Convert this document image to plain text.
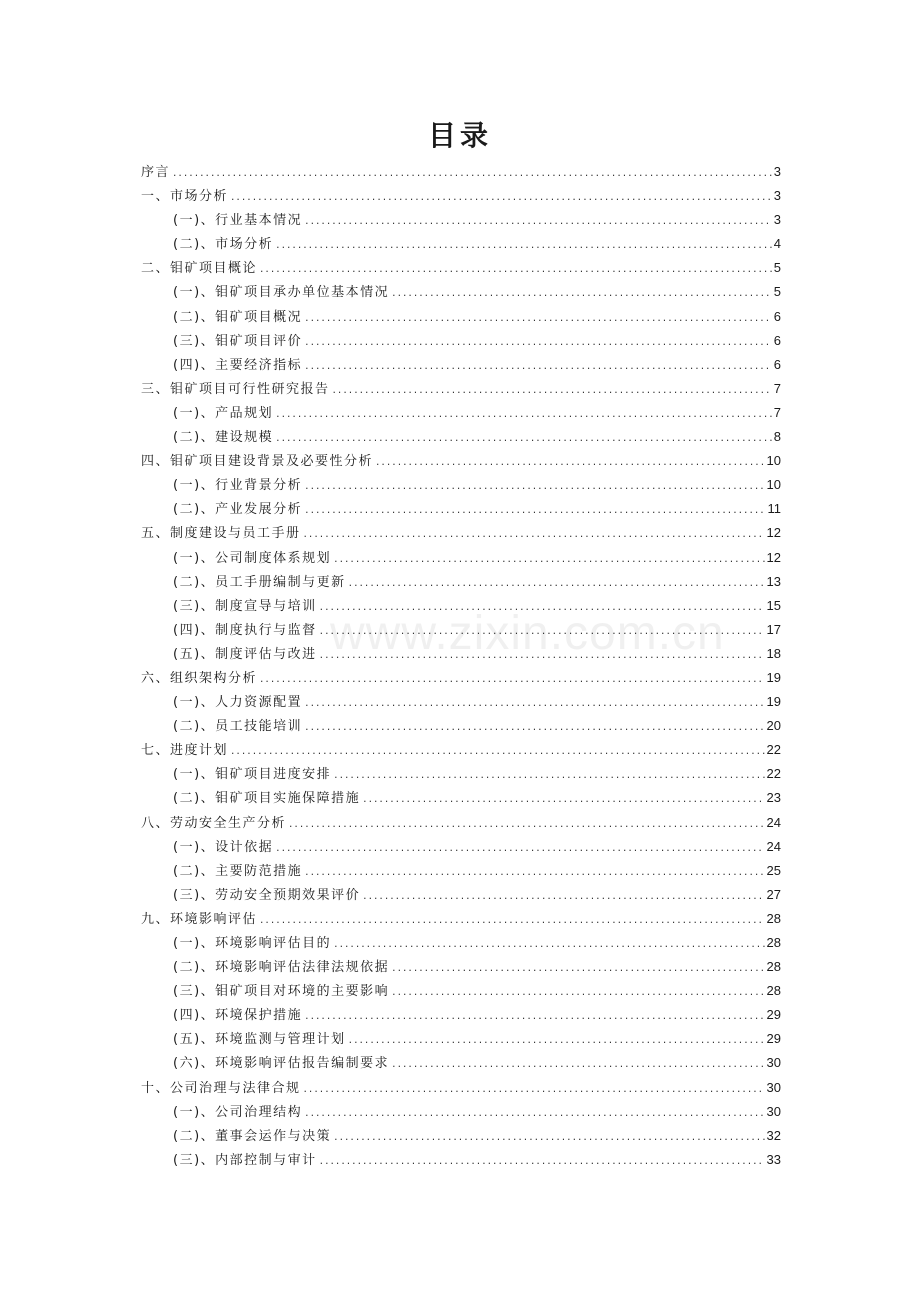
目录
序言 .....	3
一、市场分析 .....	3
(一)、行业基本情况 .....	3
(二)、市场分析 .....	4
二、钼矿项目概论 .....	5
(一)、钼矿项目承办单位基本情况 .....	5
(二)、钼矿项目概况 .....	6
(三)、钼矿项目评价 .....	6
(四)、主要经济指标 .....	6
三、钼矿项目可行性研究报告 .....	7
(一)、产品规划 .....	7
(二)、建设规模 .....	8
四、钼矿项目建设背景及必要性分析 .....	10
(一)、行业背景分析 .....	10
(二)、产业发展分析 .....	11
五、制度建设与员工手册 .....	12
(一)、公司制度体系规划 .....	12
(二)、员工手册编制与更新 .....	13
(三)、制度宣导与培训 .....	15
(四)、制度执行与监督 .....	17
(五)、制度评估与改进 .....	18
六、组织架构分析 .....	19
(一)、人力资源配置 .....	19
(二)、员工技能培训 .....	20
七、进度计划 .....	22
(一)、钼矿项目进度安排 .....	22
(二)、钼矿项目实施保障措施 .....	23
八、劳动安全生产分析 .....	24
(一)、设计依据 .....	24
(二)、主要防范措施 .....	25
(三)、劳动安全预期效果评价 .....	27
九、环境影响评估 .....	28
(一)、环境影响评估目的 .....	28
(二)、环境影响评估法律法规依据 .....	28
(三)、钼矿项目对环境的主要影响 .....	28
(四)、环境保护措施 .....	29
(五)、环境监测与管理计划 .....	29
(六)、环境影响评估报告编制要求 .....	30
十、公司治理与法律合规 .....	30
(一)、公司治理结构 .....	30
(二)、董事会运作与决策 .....	32
(三)、内部控制与审计 .....	33
www.zixin.com.cn
